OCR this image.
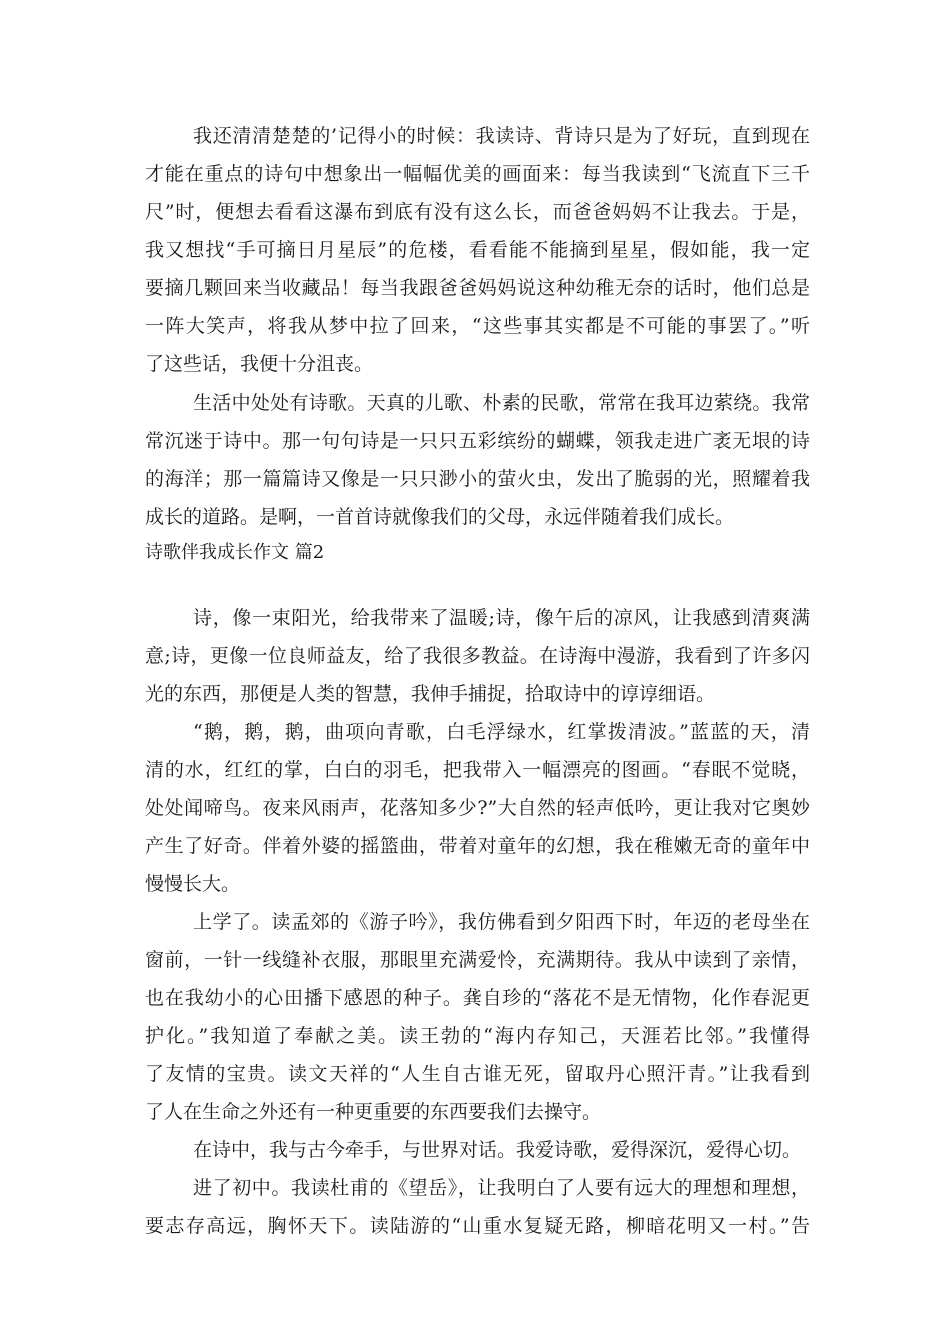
我还清清楚楚的’记得小的时候：我读诗、背诗只是为了好玩，直到现在
才能在重点的诗句中想象出一幅幅优美的画面来：每当我读到“飞流直下三千
尺”时，便想去看看这瀑布到底有没有这么长，而爸爸妈妈不让我去。于是，
我又想找“手可摘日月星辰”的危楼，看看能不能摘到星星，假如能，我一定
要摘几颗回来当收藏品！每当我跟爸爸妈妈说这种幼稚无奈的话时，他们总是
一阵大笑声，将我从梦中拉了回来，“这些事其实都是不可能的事罢了。”听
了这些话，我便十分沮丧。
生活中处处有诗歌。天真的儿歌、朴素的民歌，常常在我耳边萦绕。我常
常沉迷于诗中。那一句句诗是一只只五彩缤纷的蝴蝶，领我走进广袤无垠的诗
的海洋；那一篇篇诗又像是一只只渺小的萤火虫，发出了脆弱的光，照耀着我
成长的道路。是啊，一首首诗就像我们的父母，永远伴随着我们成长。
诗歌伴我成长作文 篇2
诗，像一束阳光，给我带来了温暖;诗，像午后的凉风，让我感到清爽满
意;诗，更像一位良师益友，给了我很多教益。在诗海中漫游，我看到了许多闪
光的东西，那便是人类的智慧，我伸手捕捉，拾取诗中的谆谆细语。
“鹅，鹅，鹅，曲项向青歌，白毛浮绿水，红掌拨清波。”蓝蓝的天，清
清的水，红红的掌，白白的羽毛，把我带入一幅漂亮的图画。“春眠不觉晓，
处处闻啼鸟。夜来风雨声，花落知多少?”大自然的轻声低吟，更让我对它奥妙
产生了好奇。伴着外婆的摇篮曲，带着对童年的幻想，我在稚嫩无奇的童年中
慢慢长大。
上学了。读孟郊的《游子吟》，我仿佛看到夕阳西下时，年迈的老母坐在
窗前，一针一线缝补衣服，那眼里充满爱怜，充满期待。我从中读到了亲情，
也在我幼小的心田播下感恩的种子。龚自珍的“落花不是无情物，化作春泥更
护化。”我知道了奉献之美。读王勃的“海内存知己，天涯若比邻。”我懂得
了友情的宝贵。读文天祥的“人生自古谁无死，留取丹心照汗青。”让我看到
了人在生命之外还有一种更重要的东西要我们去操守。
在诗中，我与古今牵手，与世界对话。我爱诗歌，爱得深沉，爱得心切。
进了初中。我读杜甫的《望岳》，让我明白了人要有远大的理想和理想，
要志存高远，胸怀天下。读陆游的“山重水复疑无路，柳暗花明又一村。”告
